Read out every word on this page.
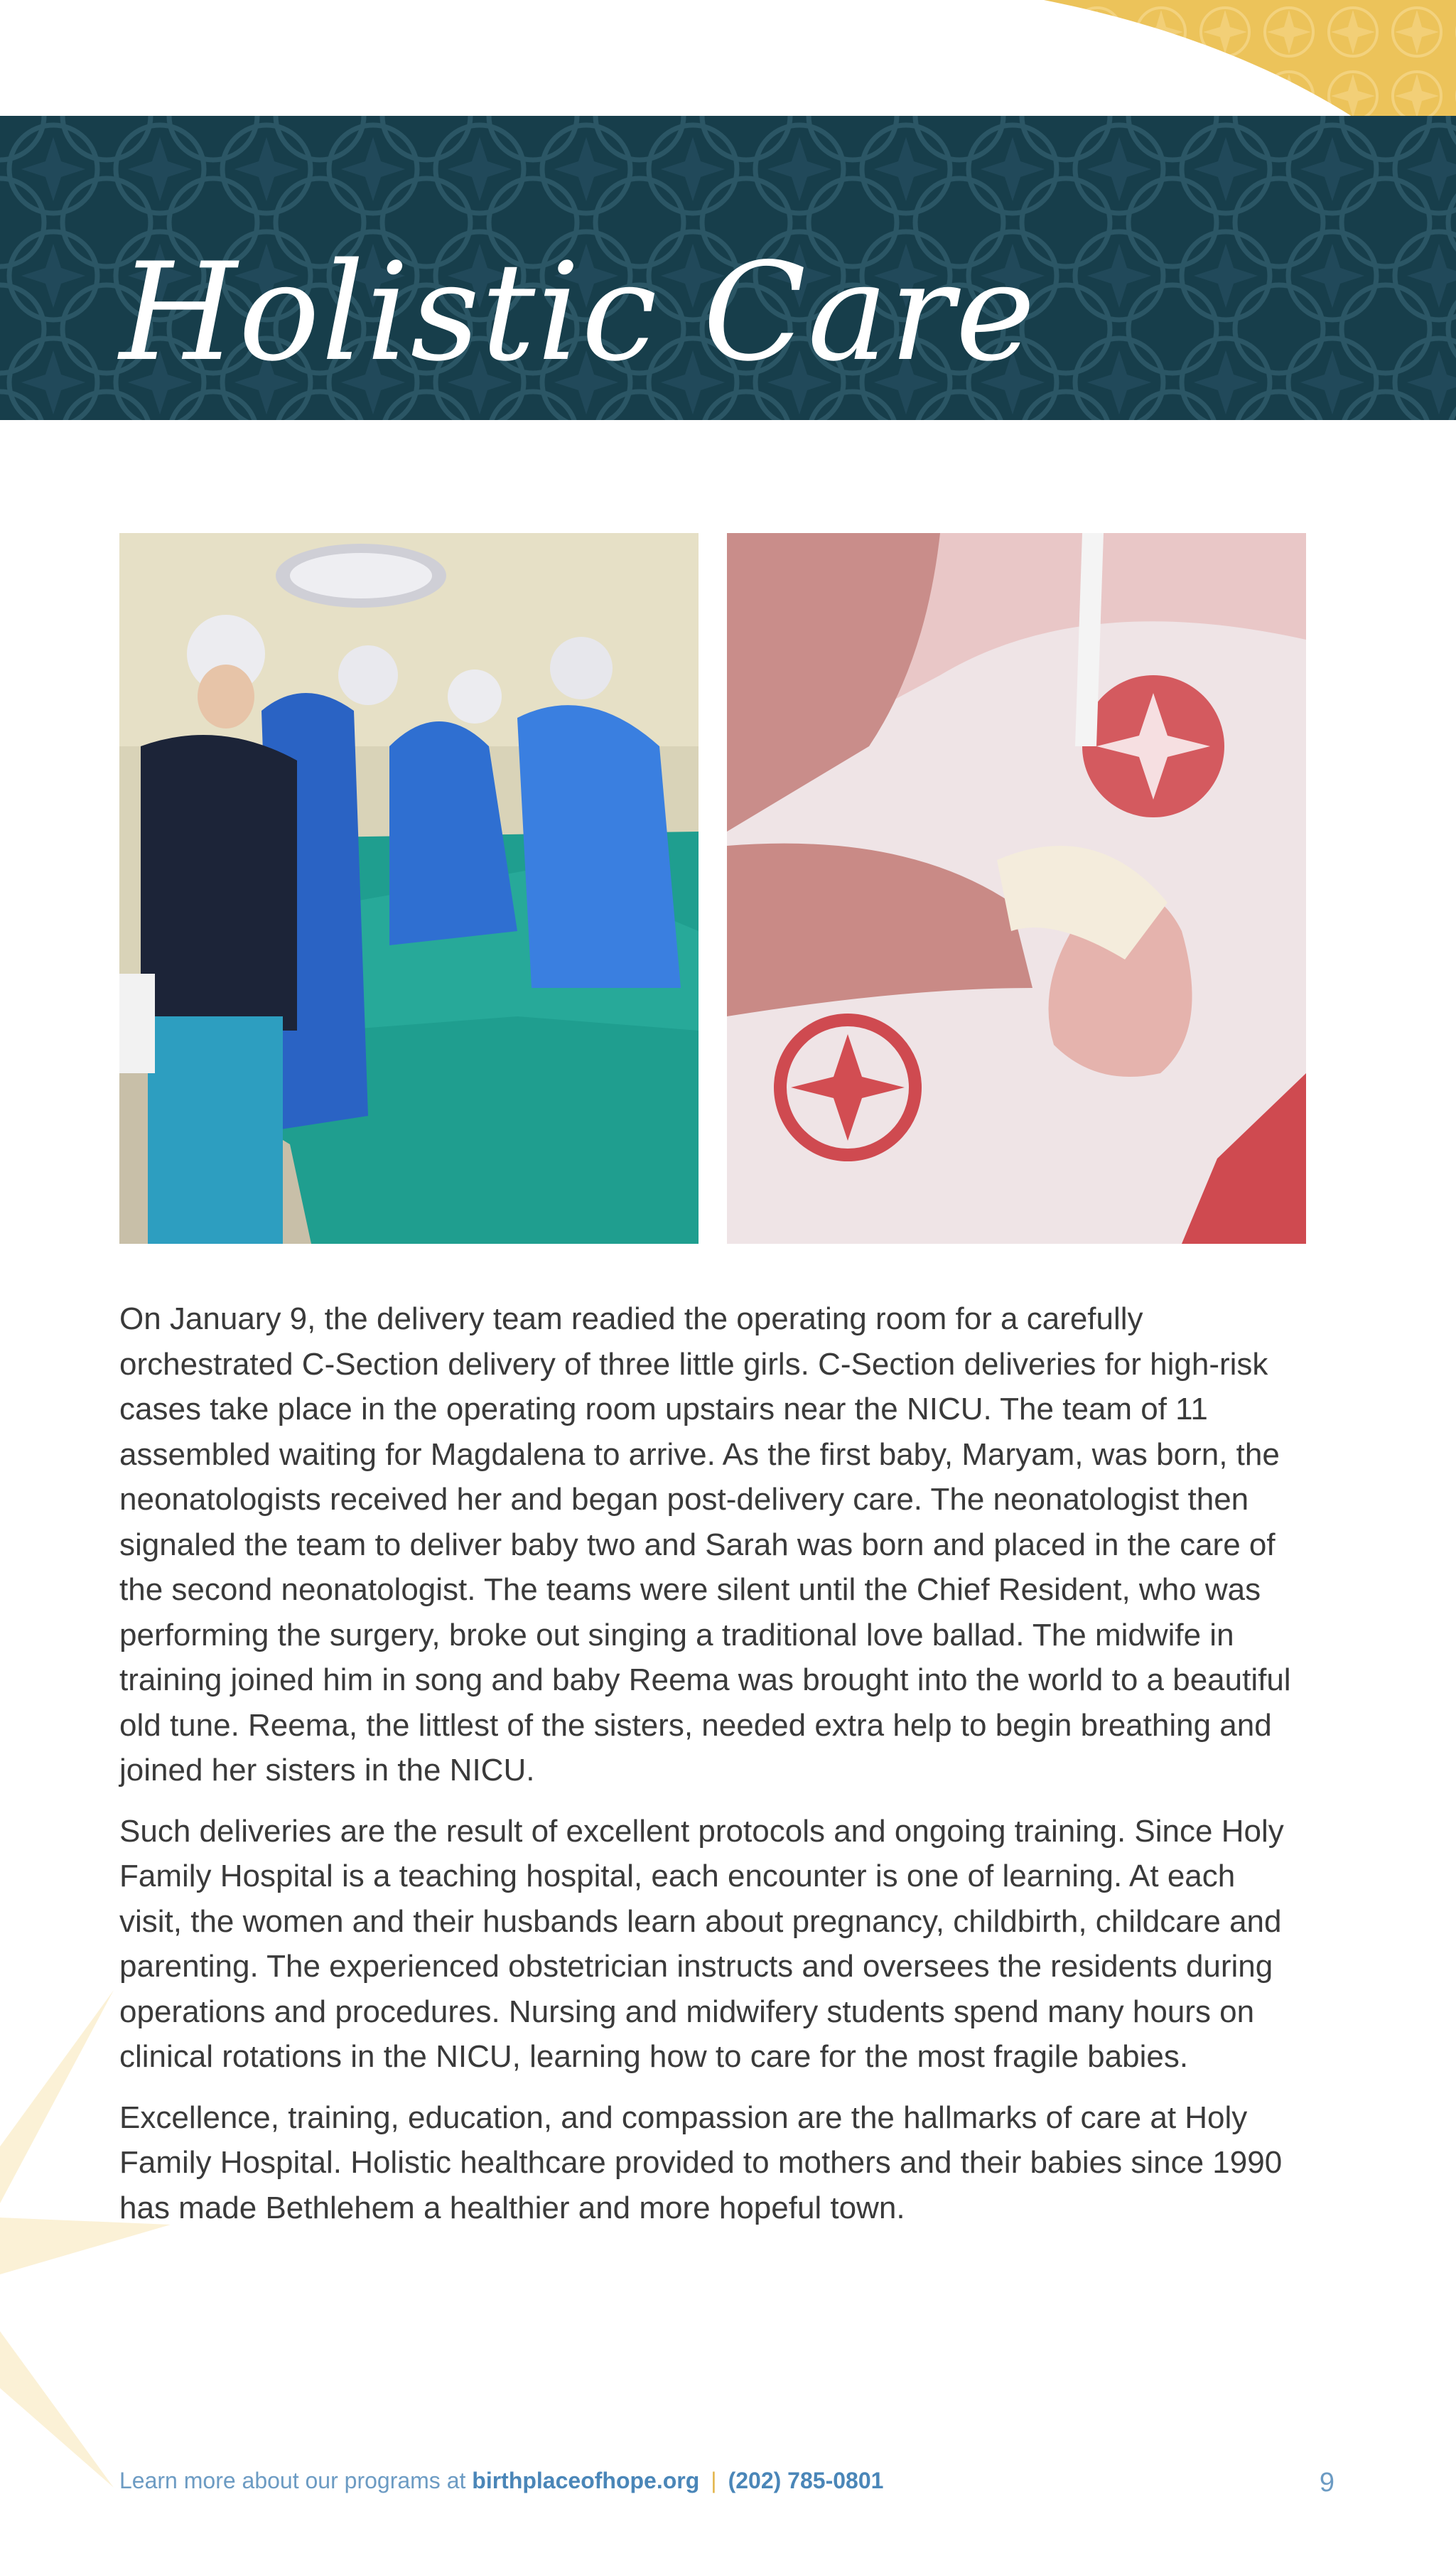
Holistic Care

On January 9, the delivery team readied the operating room for a carefully orchestrated C-Section delivery of three little girls. C-Section deliveries for high-risk cases take place in the operating room upstairs near the NICU. The team of 11 assembled waiting for Magdalena to arrive. As the first baby, Maryam, was born, the neonatologists received her and began post-delivery care. The neonatologist then signaled the team to deliver baby two and Sarah was born and placed in the care of the second neonatologist. The teams were silent until the Chief Resident, who was performing the surgery, broke out singing a traditional love ballad. The midwife in training joined him in song and baby Reema was brought into the world to a beautiful old tune. Reema, the littlest of the sisters, needed extra help to begin breathing and joined her sisters in the NICU.

Such deliveries are the result of excellent protocols and ongoing training. Since Holy Family Hospital is a teaching hospital, each encounter is one of learning. At each visit, the women and their husbands learn about pregnancy, childbirth, childcare and parenting. The experienced obstetrician instructs and oversees the residents during operations and procedures. Nursing and midwifery students spend many hours on clinical rotations in the NICU, learning how to care for the most fragile babies.

Excellence, training, education, and compassion are the hallmarks of care at Holy Family Hospital. Holistic healthcare provided to mothers and their babies since 1990 has made Bethlehem a healthier and more hopeful town.

Learn more about our programs at birthplaceofhope.org | (202) 785-0801	9
